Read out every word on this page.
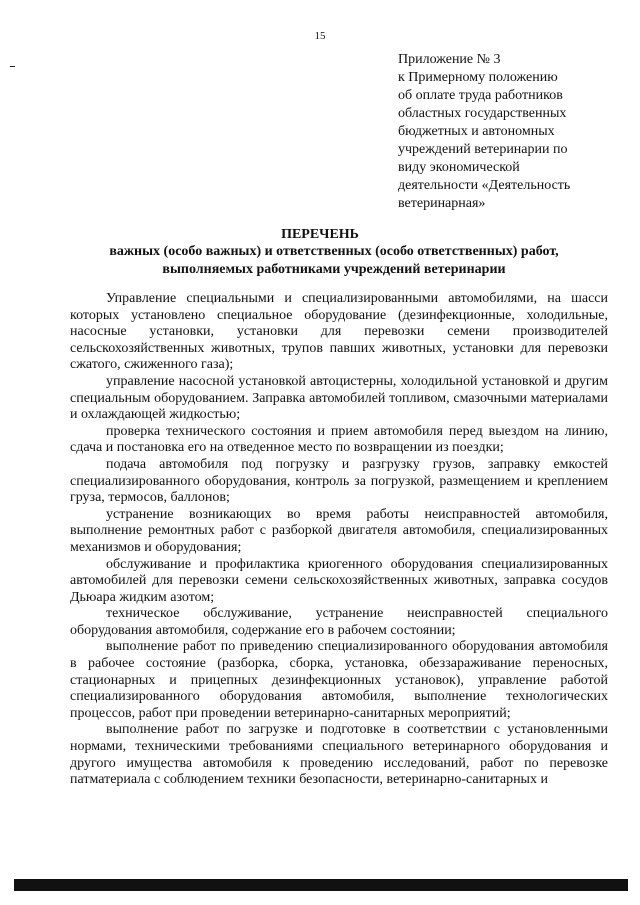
15
Приложение № 3
к Примерному положению
об оплате труда работников
областных государственных
бюджетных и автономных
учреждений ветеринарии по
виду экономической
деятельности «Деятельность
ветеринарная»
ПЕРЕЧЕНЬ
важных (особо важных) и ответственных (особо ответственных) работ,
выполняемых работниками учреждений ветеринарии

Управление специальными и специализированными автомобилями, на шасси которых установлено специальное оборудование (дезинфекционные, холодильные, насосные установки, установки для перевозки семени производителей сельскохозяйственных животных, трупов павших животных, установки для перевозки сжатого, сжиженного газа);

управление насосной установкой автоцистерны, холодильной установкой и другим специальным оборудованием. Заправка автомобилей топливом, смазочными материалами и охлаждающей жидкостью;

проверка технического состояния и прием автомобиля перед выездом на линию, сдача и постановка его на отведенное место по возвращении из поездки;

подача автомобиля под погрузку и разгрузку грузов, заправку емкостей специализированного оборудования, контроль за погрузкой, размещением и креплением груза, термосов, баллонов;

устранение возникающих во время работы неисправностей автомобиля, выполнение ремонтных работ с разборкой двигателя автомобиля, специализированных механизмов и оборудования;

обслуживание и профилактика криогенного оборудования специализированных автомобилей для перевозки семени сельскохозяйственных животных, заправка сосудов Дьюара жидким азотом;

техническое обслуживание, устранение неисправностей специального оборудования автомобиля, содержание его в рабочем состоянии;

выполнение работ по приведению специализированного оборудования автомобиля в рабочее состояние (разборка, сборка, установка, обеззараживание переносных, стационарных и прицепных дезинфекционных установок), управление работой специализированного оборудования автомобиля, выполнение технологических процессов, работ при проведении ветеринарно-санитарных мероприятий;

выполнение работ по загрузке и подготовке в соответствии с установленными нормами, техническими требованиями специального ветеринарного оборудования и другого имущества автомобиля к проведению исследований, работ по перевозке патматериала с соблюдением техники безопасности, ветеринарно-санитарных и
